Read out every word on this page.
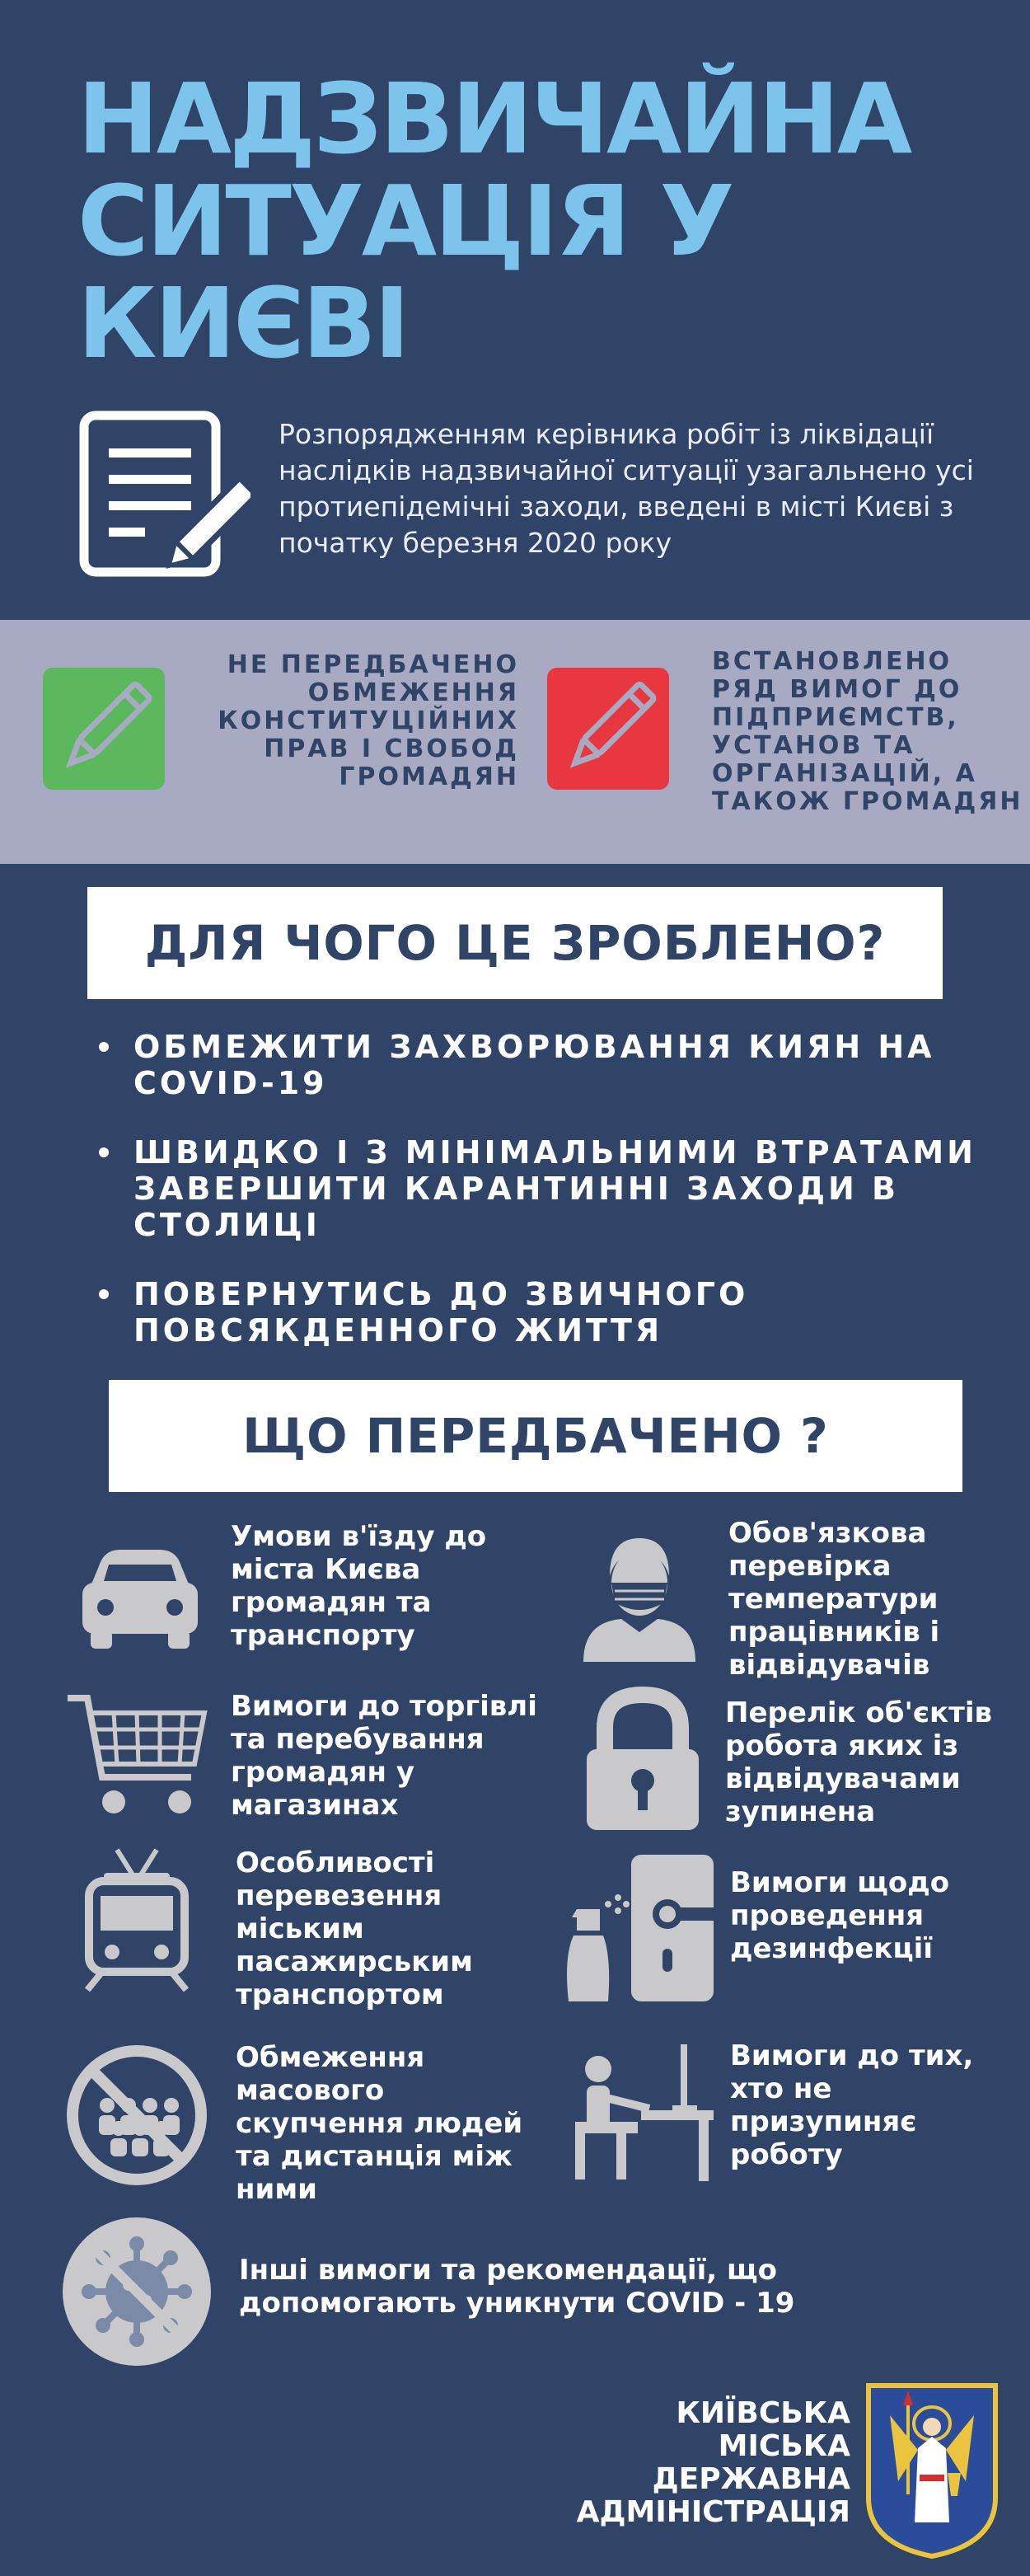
НАДЗВИЧАЙНА СИТУАЦІЯ У КИЄВІ

Розпорядженням керівника робіт із ліквідації наслідків надзвичайної ситуації узагальнено усі протиепідемічні заходи, введені в місті Києві з початку березня 2020 року

НЕ ПЕРЕДБАЧЕНО ОБМЕЖЕННЯ КОНСТИТУЦІЙНИХ ПРАВ І СВОБОД ГРОМАДЯН
ВСТАНОВЛЕНО РЯД ВИМОГ ДО ПІДПРИЄМСТВ, УСТАНОВ ТА ОРГАНІЗАЦІЙ, А ТАКОЖ ГРОМАДЯН
ДЛЯ ЧОГО ЦЕ ЗРОБЛЕНО?
ОБМЕЖИТИ ЗАХВОРЮВАННЯ КИЯН НА COVID-19
ШВИДКО І З МІНІМАЛЬНИМИ ВТРАТАМИ ЗАВЕРШИТИ КАРАНТИННІ ЗАХОДИ В СТОЛИЦІ
ПОВЕРНУТИСЬ ДО ЗВИЧНОГО ПОВСЯКДЕННОГО ЖИТТЯ
ЩО ПЕРЕДБАЧЕНО ?

Умови в'їзду до міста Києва громадян та транспорту

Обов'язкова перевірка температури працівників і відвідувачів

Вимоги до торгівлі та перебування громадян у магазинах

Перелік об'єктів робота яких із відвідувачами зупинена

Особливості перевезення міським пасажирським транспортом

Вимоги щодо проведення дезинфекції

Обмеження масового скупчення людей та дистанція між ними

Вимоги до тих, хто не призупиняє роботу

Інші вимоги та рекомендації, що допомогають уникнути COVID - 19

КИЇВСЬКА
МІСЬКА
ДЕРЖАВНА
АДМІНІСТРАЦІЯ
